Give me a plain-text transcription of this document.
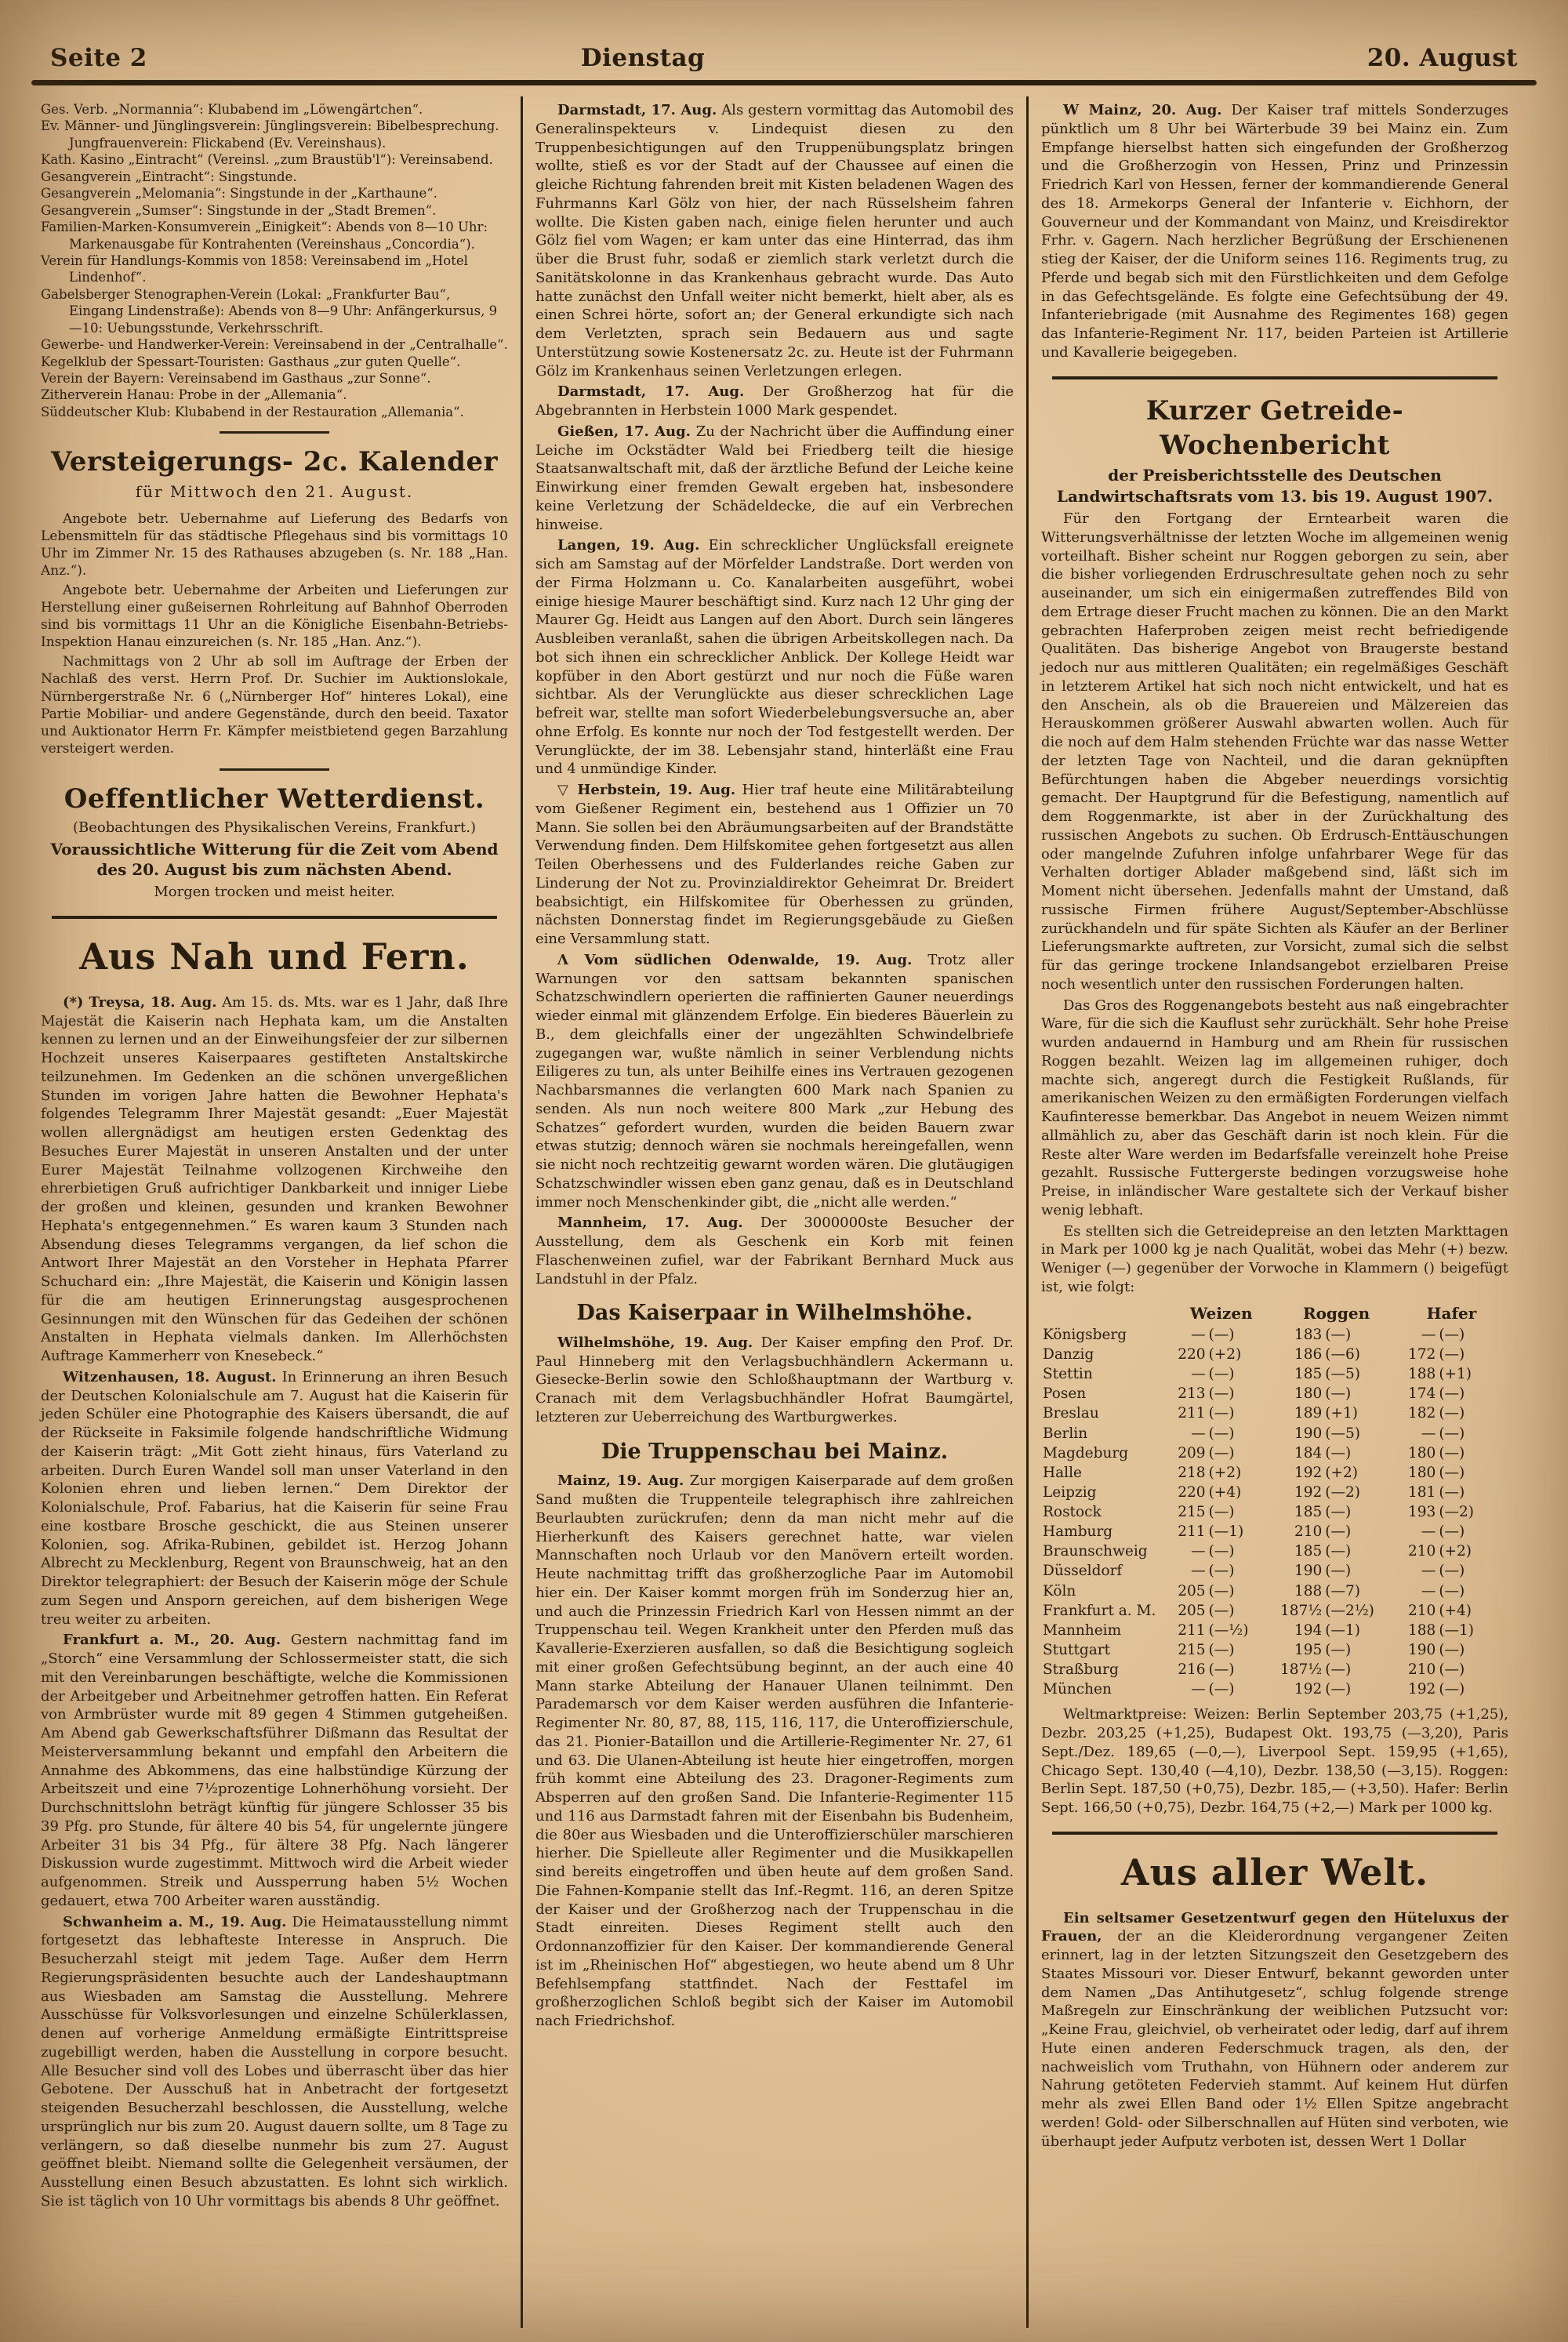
Seite 2	Dienstag	20. August

Ges. Verb. „Normannia“: Klubabend im „Löwengärtchen“.

Ev. Männer- und Jünglingsverein: Jünglingsverein: Bibelbesprechung. Jungfrauenverein: Flickabend (Ev. Vereinshaus).

Kath. Kasino „Eintracht“ (Vereinsl. „zum Braustüb'l“): Vereinsabend.

Gesangverein „Eintracht“: Singstunde.

Gesangverein „Melomania“: Singstunde in der „Karthaune“.

Gesangverein „Sumser“: Singstunde in der „Stadt Bremen“.

Familien-Marken-Konsumverein „Einigkeit“: Abends von 8—10 Uhr: Markenausgabe für Kontrahenten (Vereinshaus „Concordia“).

Verein für Handlungs-Kommis von 1858: Vereinsabend im „Hotel Lindenhof“.

Gabelsberger Stenographen-Verein (Lokal: „Frankfurter Bau“, Eingang Lindenstraße): Abends von 8—9 Uhr: Anfängerkursus, 9—10: Uebungsstunde, Verkehrsschrift.

Gewerbe- und Handwerker-Verein: Vereinsabend in der „Centralhalle“.

Kegelklub der Spessart-Touristen: Gasthaus „zur guten Quelle“.

Verein der Bayern: Vereinsabend im Gasthaus „zur Sonne“.

Zitherverein Hanau: Probe in der „Allemania“.

Süddeutscher Klub: Klubabend in der Restauration „Allemania“.

Versteigerungs- 2c. Kalender

für Mittwoch den 21. August.

Angebote betr. Uebernahme auf Lieferung des Bedarfs von Lebensmitteln für das städtische Pflegehaus sind bis vormittags 10 Uhr im Zimmer Nr. 15 des Rathauses abzugeben (s. Nr. 188 „Han. Anz.“).

Angebote betr. Uebernahme der Arbeiten und Lieferungen zur Herstellung einer gußeisernen Rohrleitung auf Bahnhof Oberroden sind bis vormittags 11 Uhr an die Königliche Eisenbahn-Betriebs-Inspektion Hanau einzureichen (s. Nr. 185 „Han. Anz.“).

Nachmittags von 2 Uhr ab soll im Auftrage der Erben der Nachlaß des verst. Herrn Prof. Dr. Suchier im Auktionslokale, Nürnbergerstraße Nr. 6 („Nürnberger Hof“ hinteres Lokal), eine Partie Mobiliar- und andere Gegenstände, durch den beeid. Taxator und Auktionator Herrn Fr. Kämpfer meistbietend gegen Barzahlung versteigert werden.

Oeffentlicher Wetterdienst.

(Beobachtungen des Physikalischen Vereins, Frankfurt.)

Voraussichtliche Witterung für die Zeit vom Abend des 20. August bis zum nächsten Abend.

Morgen trocken und meist heiter.

Aus Nah und Fern.

(*) Treysa, 18. Aug. Am 15. ds. Mts. war es 1 Jahr, daß Ihre Majestät die Kaiserin nach Hephata kam, um die Anstalten kennen zu lernen und an der Einweihungsfeier der zur silbernen Hochzeit unseres Kaiserpaares gestifteten Anstaltskirche teilzunehmen. Im Gedenken an die schönen unvergeßlichen Stunden im vorigen Jahre hatten die Bewohner Hephata's folgendes Telegramm Ihrer Majestät gesandt: „Euer Majestät wollen allergnädigst am heutigen ersten Gedenktag des Besuches Eurer Majestät in unseren Anstalten und der unter Eurer Majestät Teilnahme vollzogenen Kirchweihe den ehrerbietigen Gruß aufrichtiger Dankbarkeit und inniger Liebe der großen und kleinen, gesunden und kranken Bewohner Hephata's entgegennehmen.“ Es waren kaum 3 Stunden nach Absendung dieses Telegramms vergangen, da lief schon die Antwort Ihrer Majestät an den Vorsteher in Hephata Pfarrer Schuchard ein: „Ihre Majestät, die Kaiserin und Königin lassen für die am heutigen Erinnerungstag ausgesprochenen Gesinnungen mit den Wünschen für das Gedeihen der schönen Anstalten in Hephata vielmals danken. Im Allerhöchsten Auftrage Kammerherr von Knesebeck.“

Witzenhausen, 18. August. In Erinnerung an ihren Besuch der Deutschen Kolonialschule am 7. August hat die Kaiserin für jeden Schüler eine Photographie des Kaisers übersandt, die auf der Rückseite in Faksimile folgende handschriftliche Widmung der Kaiserin trägt: „Mit Gott zieht hinaus, fürs Vaterland zu arbeiten. Durch Euren Wandel soll man unser Vaterland in den Kolonien ehren und lieben lernen.“ Dem Direktor der Kolonialschule, Prof. Fabarius, hat die Kaiserin für seine Frau eine kostbare Brosche geschickt, die aus Steinen unserer Kolonien, sog. Afrika-Rubinen, gebildet ist. Herzog Johann Albrecht zu Mecklenburg, Regent von Braunschweig, hat an den Direktor telegraphiert: der Besuch der Kaiserin möge der Schule zum Segen und Ansporn gereichen, auf dem bisherigen Wege treu weiter zu arbeiten.

Frankfurt a. M., 20. Aug. Gestern nachmittag fand im „Storch“ eine Versammlung der Schlossermeister statt, die sich mit den Vereinbarungen beschäftigte, welche die Kommissionen der Arbeitgeber und Arbeitnehmer getroffen hatten. Ein Referat von Armbrüster wurde mit 89 gegen 4 Stimmen gutgeheißen. Am Abend gab Gewerkschaftsführer Dißmann das Resultat der Meisterversammlung bekannt und empfahl den Arbeitern die Annahme des Abkommens, das eine halbstündige Kürzung der Arbeitszeit und eine 7½prozentige Lohnerhöhung vorsieht. Der Durchschnittslohn beträgt künftig für jüngere Schlosser 35 bis 39 Pfg. pro Stunde, für ältere 40 bis 54, für ungelernte jüngere Arbeiter 31 bis 34 Pfg., für ältere 38 Pfg. Nach längerer Diskussion wurde zugestimmt. Mittwoch wird die Arbeit wieder aufgenommen. Streik und Aussperrung haben 5½ Wochen gedauert, etwa 700 Arbeiter waren ausständig.

Schwanheim a. M., 19. Aug. Die Heimatausstellung nimmt fortgesetzt das lebhafteste Interesse in Anspruch. Die Besucherzahl steigt mit jedem Tage. Außer dem Herrn Regierungspräsidenten besuchte auch der Landeshauptmann aus Wiesbaden am Samstag die Ausstellung. Mehrere Ausschüsse für Volksvorlesungen und einzelne Schülerklassen, denen auf vorherige Anmeldung ermäßigte Eintrittspreise zugebilligt werden, haben die Ausstellung in corpore besucht. Alle Besucher sind voll des Lobes und überrascht über das hier Gebotene. Der Ausschuß hat in Anbetracht der fortgesetzt steigenden Besucherzahl beschlossen, die Ausstellung, welche ursprünglich nur bis zum 20. August dauern sollte, um 8 Tage zu verlängern, so daß dieselbe nunmehr bis zum 27. August geöffnet bleibt. Niemand sollte die Gelegenheit versäumen, der Ausstellung einen Besuch abzustatten. Es lohnt sich wirklich. Sie ist täglich von 10 Uhr vormittags bis abends 8 Uhr geöffnet.

Darmstadt, 17. Aug. Als gestern vormittag das Automobil des Generalinspekteurs v. Lindequist diesen zu den Truppenbesichtigungen auf den Truppenübungsplatz bringen wollte, stieß es vor der Stadt auf der Chaussee auf einen die gleiche Richtung fahrenden breit mit Kisten beladenen Wagen des Fuhrmanns Karl Gölz von hier, der nach Rüsselsheim fahren wollte. Die Kisten gaben nach, einige fielen herunter und auch Gölz fiel vom Wagen; er kam unter das eine Hinterrad, das ihm über die Brust fuhr, sodaß er ziemlich stark verletzt durch die Sanitätskolonne in das Krankenhaus gebracht wurde. Das Auto hatte zunächst den Unfall weiter nicht bemerkt, hielt aber, als es einen Schrei hörte, sofort an; der General erkundigte sich nach dem Verletzten, sprach sein Bedauern aus und sagte Unterstützung sowie Kostenersatz 2c. zu. Heute ist der Fuhrmann Gölz im Krankenhaus seinen Verletzungen erlegen.

Darmstadt, 17. Aug. Der Großherzog hat für die Abgebrannten in Herbstein 1000 Mark gespendet.

Gießen, 17. Aug. Zu der Nachricht über die Auffindung einer Leiche im Ockstädter Wald bei Friedberg teilt die hiesige Staatsanwaltschaft mit, daß der ärztliche Befund der Leiche keine Einwirkung einer fremden Gewalt ergeben hat, insbesondere keine Verletzung der Schädeldecke, die auf ein Verbrechen hinweise.

Langen, 19. Aug. Ein schrecklicher Unglücksfall ereignete sich am Samstag auf der Mörfelder Landstraße. Dort werden von der Firma Holzmann u. Co. Kanalarbeiten ausgeführt, wobei einige hiesige Maurer beschäftigt sind. Kurz nach 12 Uhr ging der Maurer Gg. Heidt aus Langen auf den Abort. Durch sein längeres Ausbleiben veranlaßt, sahen die übrigen Arbeitskollegen nach. Da bot sich ihnen ein schrecklicher Anblick. Der Kollege Heidt war kopfüber in den Abort gestürzt und nur noch die Füße waren sichtbar. Als der Verunglückte aus dieser schrecklichen Lage befreit war, stellte man sofort Wiederbelebungsversuche an, aber ohne Erfolg. Es konnte nur noch der Tod festgestellt werden. Der Verunglückte, der im 38. Lebensjahr stand, hinterläßt eine Frau und 4 unmündige Kinder.

▽ Herbstein, 19. Aug. Hier traf heute eine Militärabteilung vom Gießener Regiment ein, bestehend aus 1 Offizier un 70 Mann. Sie sollen bei den Abräumungsarbeiten auf der Brandstätte Verwendung finden. Dem Hilfskomitee gehen fortgesetzt aus allen Teilen Oberhessens und des Fulderlandes reiche Gaben zur Linderung der Not zu. Provinzialdirektor Geheimrat Dr. Breidert beabsichtigt, ein Hilfskomitee für Oberhessen zu gründen, nächsten Donnerstag findet im Regierungsgebäude zu Gießen eine Versammlung statt.

Λ Vom südlichen Odenwalde, 19. Aug. Trotz aller Warnungen vor den sattsam bekannten spanischen Schatzschwindlern operierten die raffinierten Gauner neuerdings wieder einmal mit glänzendem Erfolge. Ein biederes Bäuerlein zu B., dem gleichfalls einer der ungezählten Schwindelbriefe zugegangen war, wußte nämlich in seiner Verblendung nichts Eiligeres zu tun, als unter Beihilfe eines ins Vertrauen gezogenen Nachbarsmannes die verlangten 600 Mark nach Spanien zu senden. Als nun noch weitere 800 Mark „zur Hebung des Schatzes“ gefordert wurden, wurden die beiden Bauern zwar etwas stutzig; dennoch wären sie nochmals hereingefallen, wenn sie nicht noch rechtzeitig gewarnt worden wären. Die glutäugigen Schatzschwindler wissen eben ganz genau, daß es in Deutschland immer noch Menschenkinder gibt, die „nicht alle werden.“

Mannheim, 17. Aug. Der 3000000ste Besucher der Ausstellung, dem als Geschenk ein Korb mit feinen Flaschenweinen zufiel, war der Fabrikant Bernhard Muck aus Landstuhl in der Pfalz.

Das Kaiserpaar in Wilhelmshöhe.

Wilhelmshöhe, 19. Aug. Der Kaiser empfing den Prof. Dr. Paul Hinneberg mit den Verlagsbuchhändlern Ackermann u. Giesecke-Berlin sowie den Schloßhauptmann der Wartburg v. Cranach mit dem Verlagsbuchhändler Hofrat Baumgärtel, letzteren zur Ueberreichung des Wartburgwerkes.

Die Truppenschau bei Mainz.

Mainz, 19. Aug. Zur morgigen Kaiserparade auf dem großen Sand mußten die Truppenteile telegraphisch ihre zahlreichen Beurlaubten zurückrufen; denn da man nicht mehr auf die Hierherkunft des Kaisers gerechnet hatte, war vielen Mannschaften noch Urlaub vor den Manövern erteilt worden. Heute nachmittag trifft das großherzogliche Paar im Automobil hier ein. Der Kaiser kommt morgen früh im Sonderzug hier an, und auch die Prinzessin Friedrich Karl von Hessen nimmt an der Truppenschau teil. Wegen Krankheit unter den Pferden muß das Kavallerie-Exerzieren ausfallen, so daß die Besichtigung sogleich mit einer großen Gefechtsübung beginnt, an der auch eine 40 Mann starke Abteilung der Hanauer Ulanen teilnimmt. Den Parademarsch vor dem Kaiser werden ausführen die Infanterie-Regimenter Nr. 80, 87, 88, 115, 116, 117, die Unteroffizierschule, das 21. Pionier-Bataillon und die Artillerie-Regimenter Nr. 27, 61 und 63. Die Ulanen-Abteilung ist heute hier eingetroffen, morgen früh kommt eine Abteilung des 23. Dragoner-Regiments zum Absperren auf den großen Sand. Die Infanterie-Regimenter 115 und 116 aus Darmstadt fahren mit der Eisenbahn bis Budenheim, die 80er aus Wiesbaden und die Unteroffizierschüler marschieren hierher. Die Spielleute aller Regimenter und die Musikkapellen sind bereits eingetroffen und üben heute auf dem großen Sand. Die Fahnen-Kompanie stellt das Inf.-Regmt. 116, an deren Spitze der Kaiser und der Großherzog nach der Truppenschau in die Stadt einreiten. Dieses Regiment stellt auch den Ordonnanzoffizier für den Kaiser. Der kommandierende General ist im „Rheinischen Hof“ abgestiegen, wo heute abend um 8 Uhr Befehlsempfang stattfindet. Nach der Festtafel im großherzoglichen Schloß begibt sich der Kaiser im Automobil nach Friedrichshof.

W Mainz, 20. Aug. Der Kaiser traf mittels Sonderzuges pünktlich um 8 Uhr bei Wärterbude 39 bei Mainz ein. Zum Empfange hierselbst hatten sich eingefunden der Großherzog und die Großherzogin von Hessen, Prinz und Prinzessin Friedrich Karl von Hessen, ferner der kommandierende General des 18. Armekorps General der Infanterie v. Eichhorn, der Gouverneur und der Kommandant von Mainz, und Kreisdirektor Frhr. v. Gagern. Nach herzlicher Begrüßung der Erschienenen stieg der Kaiser, der die Uniform seines 116. Regiments trug, zu Pferde und begab sich mit den Fürstlichkeiten und dem Gefolge in das Gefechtsgelände. Es folgte eine Gefechtsübung der 49. Infanteriebrigade (mit Ausnahme des Regimentes 168) gegen das Infanterie-Regiment Nr. 117, beiden Parteien ist Artillerie und Kavallerie beigegeben.

Kurzer Getreide-Wochenbericht

der Preisberichtsstelle des Deutschen Landwirtschaftsrats vom 13. bis 19. August 1907.

Für den Fortgang der Erntearbeit waren die Witterungsverhältnisse der letzten Woche im allgemeinen wenig vorteilhaft. Bisher scheint nur Roggen geborgen zu sein, aber die bisher vorliegenden Erdruschresultate gehen noch zu sehr auseinander, um sich ein einigermaßen zutreffendes Bild von dem Ertrage dieser Frucht machen zu können. Die an den Markt gebrachten Haferproben zeigen meist recht befriedigende Qualitäten. Das bisherige Angebot von Braugerste bestand jedoch nur aus mittleren Qualitäten; ein regelmäßiges Geschäft in letzterem Artikel hat sich noch nicht entwickelt, und hat es den Anschein, als ob die Brauereien und Mälzereien das Herauskommen größerer Auswahl abwarten wollen. Auch für die noch auf dem Halm stehenden Früchte war das nasse Wetter der letzten Tage von Nachteil, und die daran geknüpften Befürchtungen haben die Abgeber neuerdings vorsichtig gemacht. Der Hauptgrund für die Befestigung, namentlich auf dem Roggenmarkte, ist aber in der Zurückhaltung des russischen Angebots zu suchen. Ob Erdrusch-Enttäuschungen oder mangelnde Zufuhren infolge unfahrbarer Wege für das Verhalten dortiger Ablader maßgebend sind, läßt sich im Moment nicht übersehen. Jedenfalls mahnt der Umstand, daß russische Firmen frühere August/September-Abschlüsse zurückhandeln und für späte Sichten als Käufer an der Berliner Lieferungsmarkte auftreten, zur Vorsicht, zumal sich die selbst für das geringe trockene Inlandsangebot erzielbaren Preise noch wesentlich unter den russischen Forderungen halten.

Das Gros des Roggenangebots besteht aus naß eingebrachter Ware, für die sich die Kauflust sehr zurückhält. Sehr hohe Preise wurden andauernd in Hamburg und am Rhein für russischen Roggen bezahlt. Weizen lag im allgemeinen ruhiger, doch machte sich, angeregt durch die Festigkeit Rußlands, für amerikanischen Weizen zu den ermäßigten Forderungen vielfach Kaufinteresse bemerkbar. Das Angebot in neuem Weizen nimmt allmählich zu, aber das Geschäft darin ist noch klein. Für die Reste alter Ware werden im Bedarfsfalle vereinzelt hohe Preise gezahlt. Russische Futtergerste bedingen vorzugsweise hohe Preise, in inländischer Ware gestaltete sich der Verkauf bisher wenig lebhaft.

Es stellten sich die Getreidepreise an den letzten Markttagen in Mark per 1000 kg je nach Qualität, wobei das Mehr (+) bezw. Weniger (—) gegenüber der Vorwoche in Klammern () beigefügt ist, wie folgt:

	Weizen		Roggen		Hafer	
Königsberg	—	(—)	183	(—)	—	(—)
Danzig	220	(+2)	186	(—6)	172	(—)
Stettin	—	(—)	185	(—5)	188	(+1)
Posen	213	(—)	180	(—)	174	(—)
Breslau	211	(—)	189	(+1)	182	(—)
Berlin	—	(—)	190	(—5)	—	(—)
Magdeburg	209	(—)	184	(—)	180	(—)
Halle	218	(+2)	192	(+2)	180	(—)
Leipzig	220	(+4)	192	(—2)	181	(—)
Rostock	215	(—)	185	(—)	193	(—2)
Hamburg	211	(—1)	210	(—)	—	(—)
Braunschweig	—	(—)	185	(—)	210	(+2)
Düsseldorf	—	(—)	190	(—)	—	(—)
Köln	205	(—)	188	(—7)	—	(—)
Frankfurt a. M.	205	(—)	187½	(—2½)	210	(+4)
Mannheim	211	(—½)	194	(—1)	188	(—1)
Stuttgart	215	(—)	195	(—)	190	(—)
Straßburg	216	(—)	187½	(—)	210	(—)
München	—	(—)	192	(—)	192	(—)

Weltmarktpreise: Weizen: Berlin September 203,75 (+1,25), Dezbr. 203,25 (+1,25), Budapest Okt. 193,75 (—3,20), Paris Sept./Dez. 189,65 (—0,—), Liverpool Sept. 159,95 (+1,65), Chicago Sept. 130,40 (—4,10), Dezbr. 138,50 (—3,15). Roggen: Berlin Sept. 187,50 (+0,75), Dezbr. 185,— (+3,50). Hafer: Berlin Sept. 166,50 (+0,75), Dezbr. 164,75 (+2,—) Mark per 1000 kg.

Aus aller Welt.

Ein seltsamer Gesetzentwurf gegen den Hüteluxus der Frauen, der an die Kleiderordnung vergangener Zeiten erinnert, lag in der letzten Sitzungszeit den Gesetzgebern des Staates Missouri vor. Dieser Entwurf, bekannt geworden unter dem Namen „Das Antihutgesetz“, schlug folgende strenge Maßregeln zur Einschränkung der weiblichen Putzsucht vor: „Keine Frau, gleichviel, ob verheiratet oder ledig, darf auf ihrem Hute einen anderen Federschmuck tragen, als den, der nachweislich vom Truthahn, von Hühnern oder anderem zur Nahrung getöteten Federvieh stammt. Auf keinem Hut dürfen mehr als zwei Ellen Band oder 1½ Ellen Spitze angebracht werden! Gold- oder Silberschnallen auf Hüten sind verboten, wie überhaupt jeder Aufputz verboten ist, dessen Wert 1 Dollar
